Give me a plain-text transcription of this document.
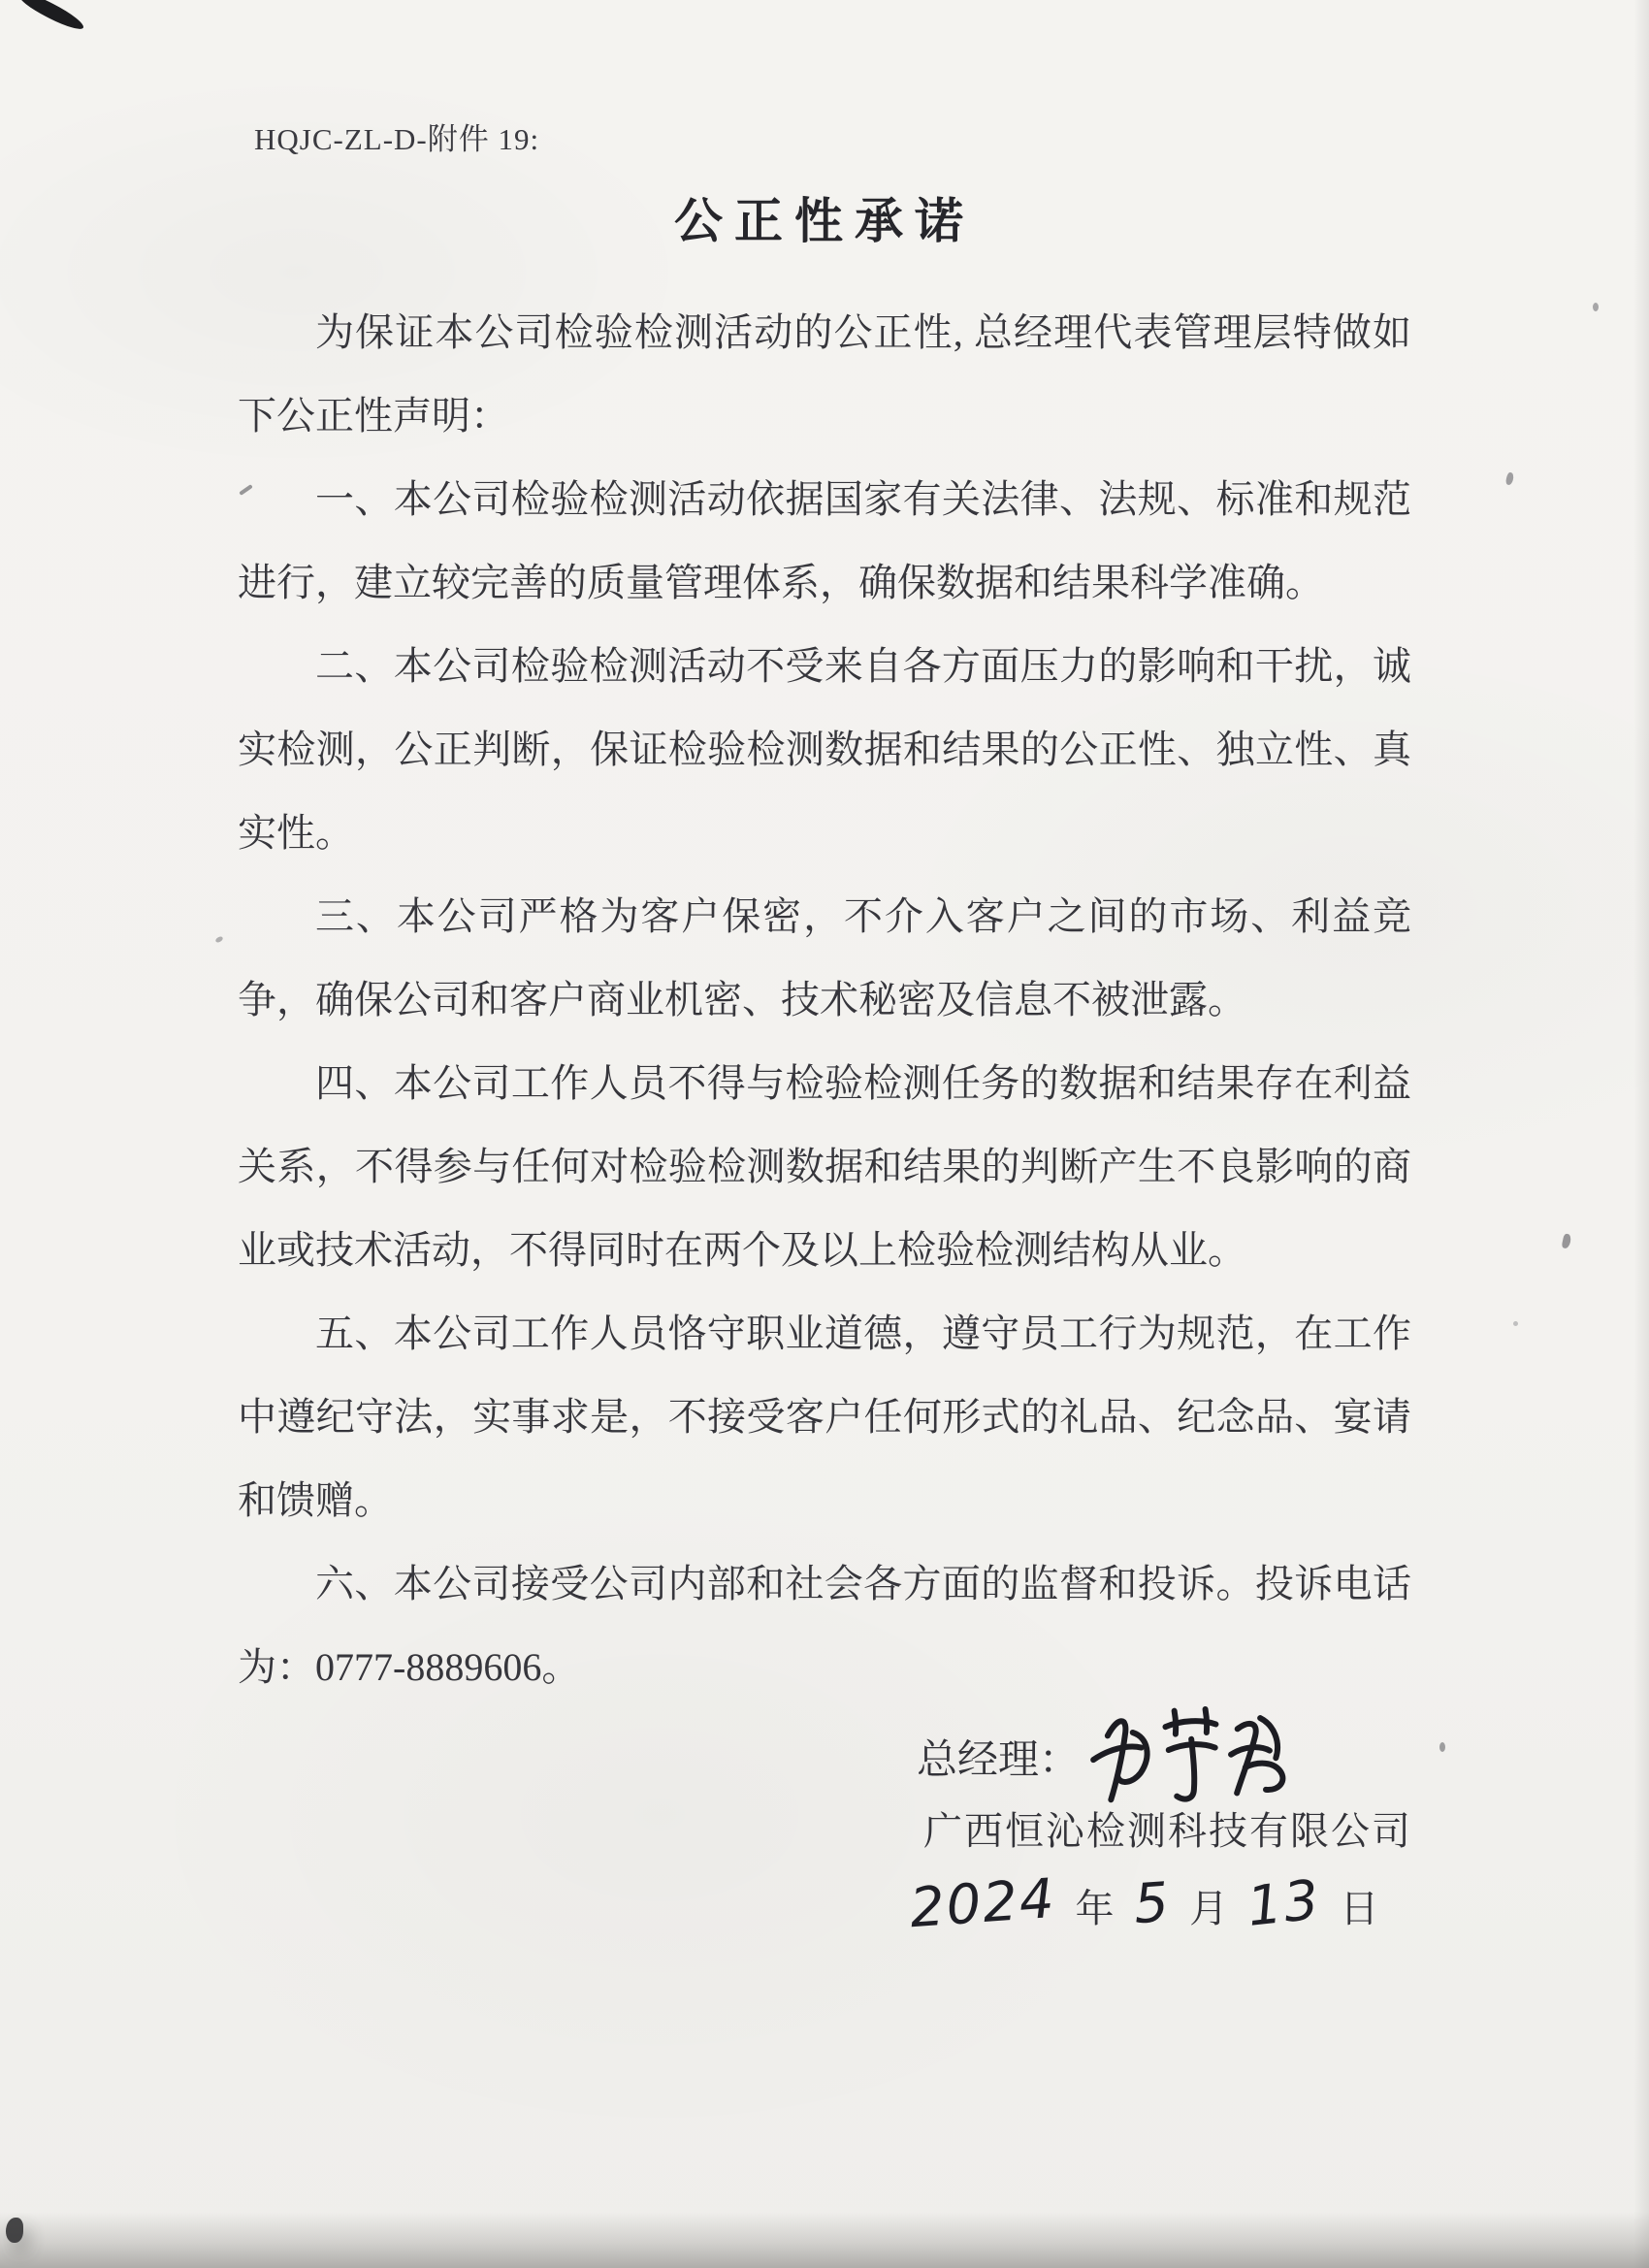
HQJC-ZL-D-附件 19:
公正性承诺

为保证本公司检验检测活动的公正性, 总经理代表管理层特做如下公正性声明：

一、本公司检验检测活动依据国家有关法律、法规、标准和规范进行，建立较完善的质量管理体系，确保数据和结果科学准确。

二、本公司检验检测活动不受来自各方面压力的影响和干扰，诚实检测，公正判断，保证检验检测数据和结果的公正性、独立性、真实性。

三、本公司严格为客户保密，不介入客户之间的市场、利益竞争，确保公司和客户商业机密、技术秘密及信息不被泄露。

四、本公司工作人员不得与检验检测任务的数据和结果存在利益关系，不得参与任何对检验检测数据和结果的判断产生不良影响的商业或技术活动，不得同时在两个及以上检验检测结构从业。

五、本公司工作人员恪守职业道德，遵守员工行为规范，在工作中遵纪守法，实事求是，不接受客户任何形式的礼品、纪念品、宴请和馈赠。

六、本公司接受公司内部和社会各方面的监督和投诉。投诉电话为：0777-8889606。

总经理：
广西恒沁检测科技有限公司
2024 年 5 月 13 日
